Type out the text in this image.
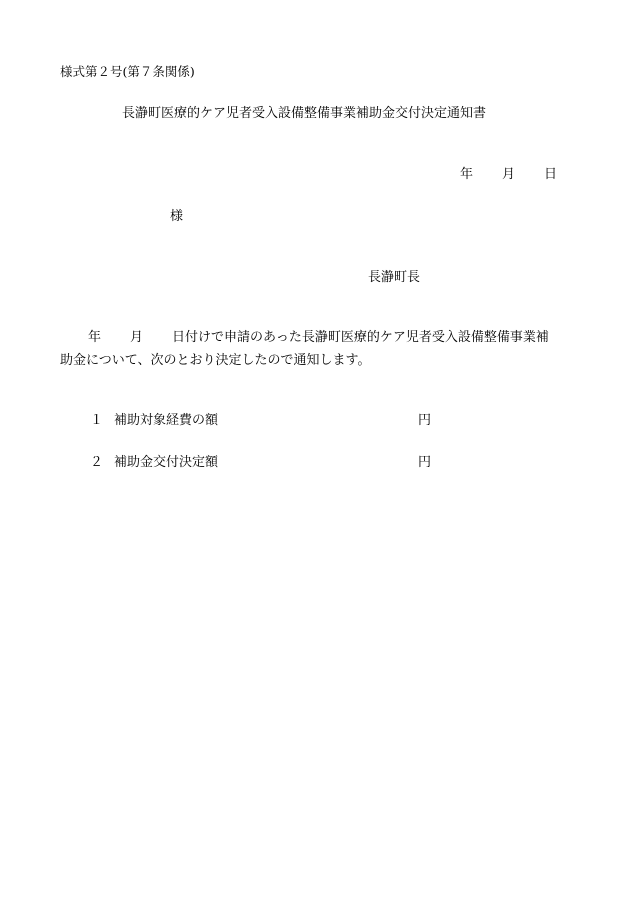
様式第２号(第７条関係)
長瀞町医療的ケア児者受入設備整備事業補助金交付決定通知書
年 月 日
様
長瀞町長
年 月 日付けで申請のあった長瀞町医療的ケア児者受入設備整備事業補
助金について、次のとおり決定したので通知します。
１ 補助対象経費の額	円
２ 補助金交付決定額	円
